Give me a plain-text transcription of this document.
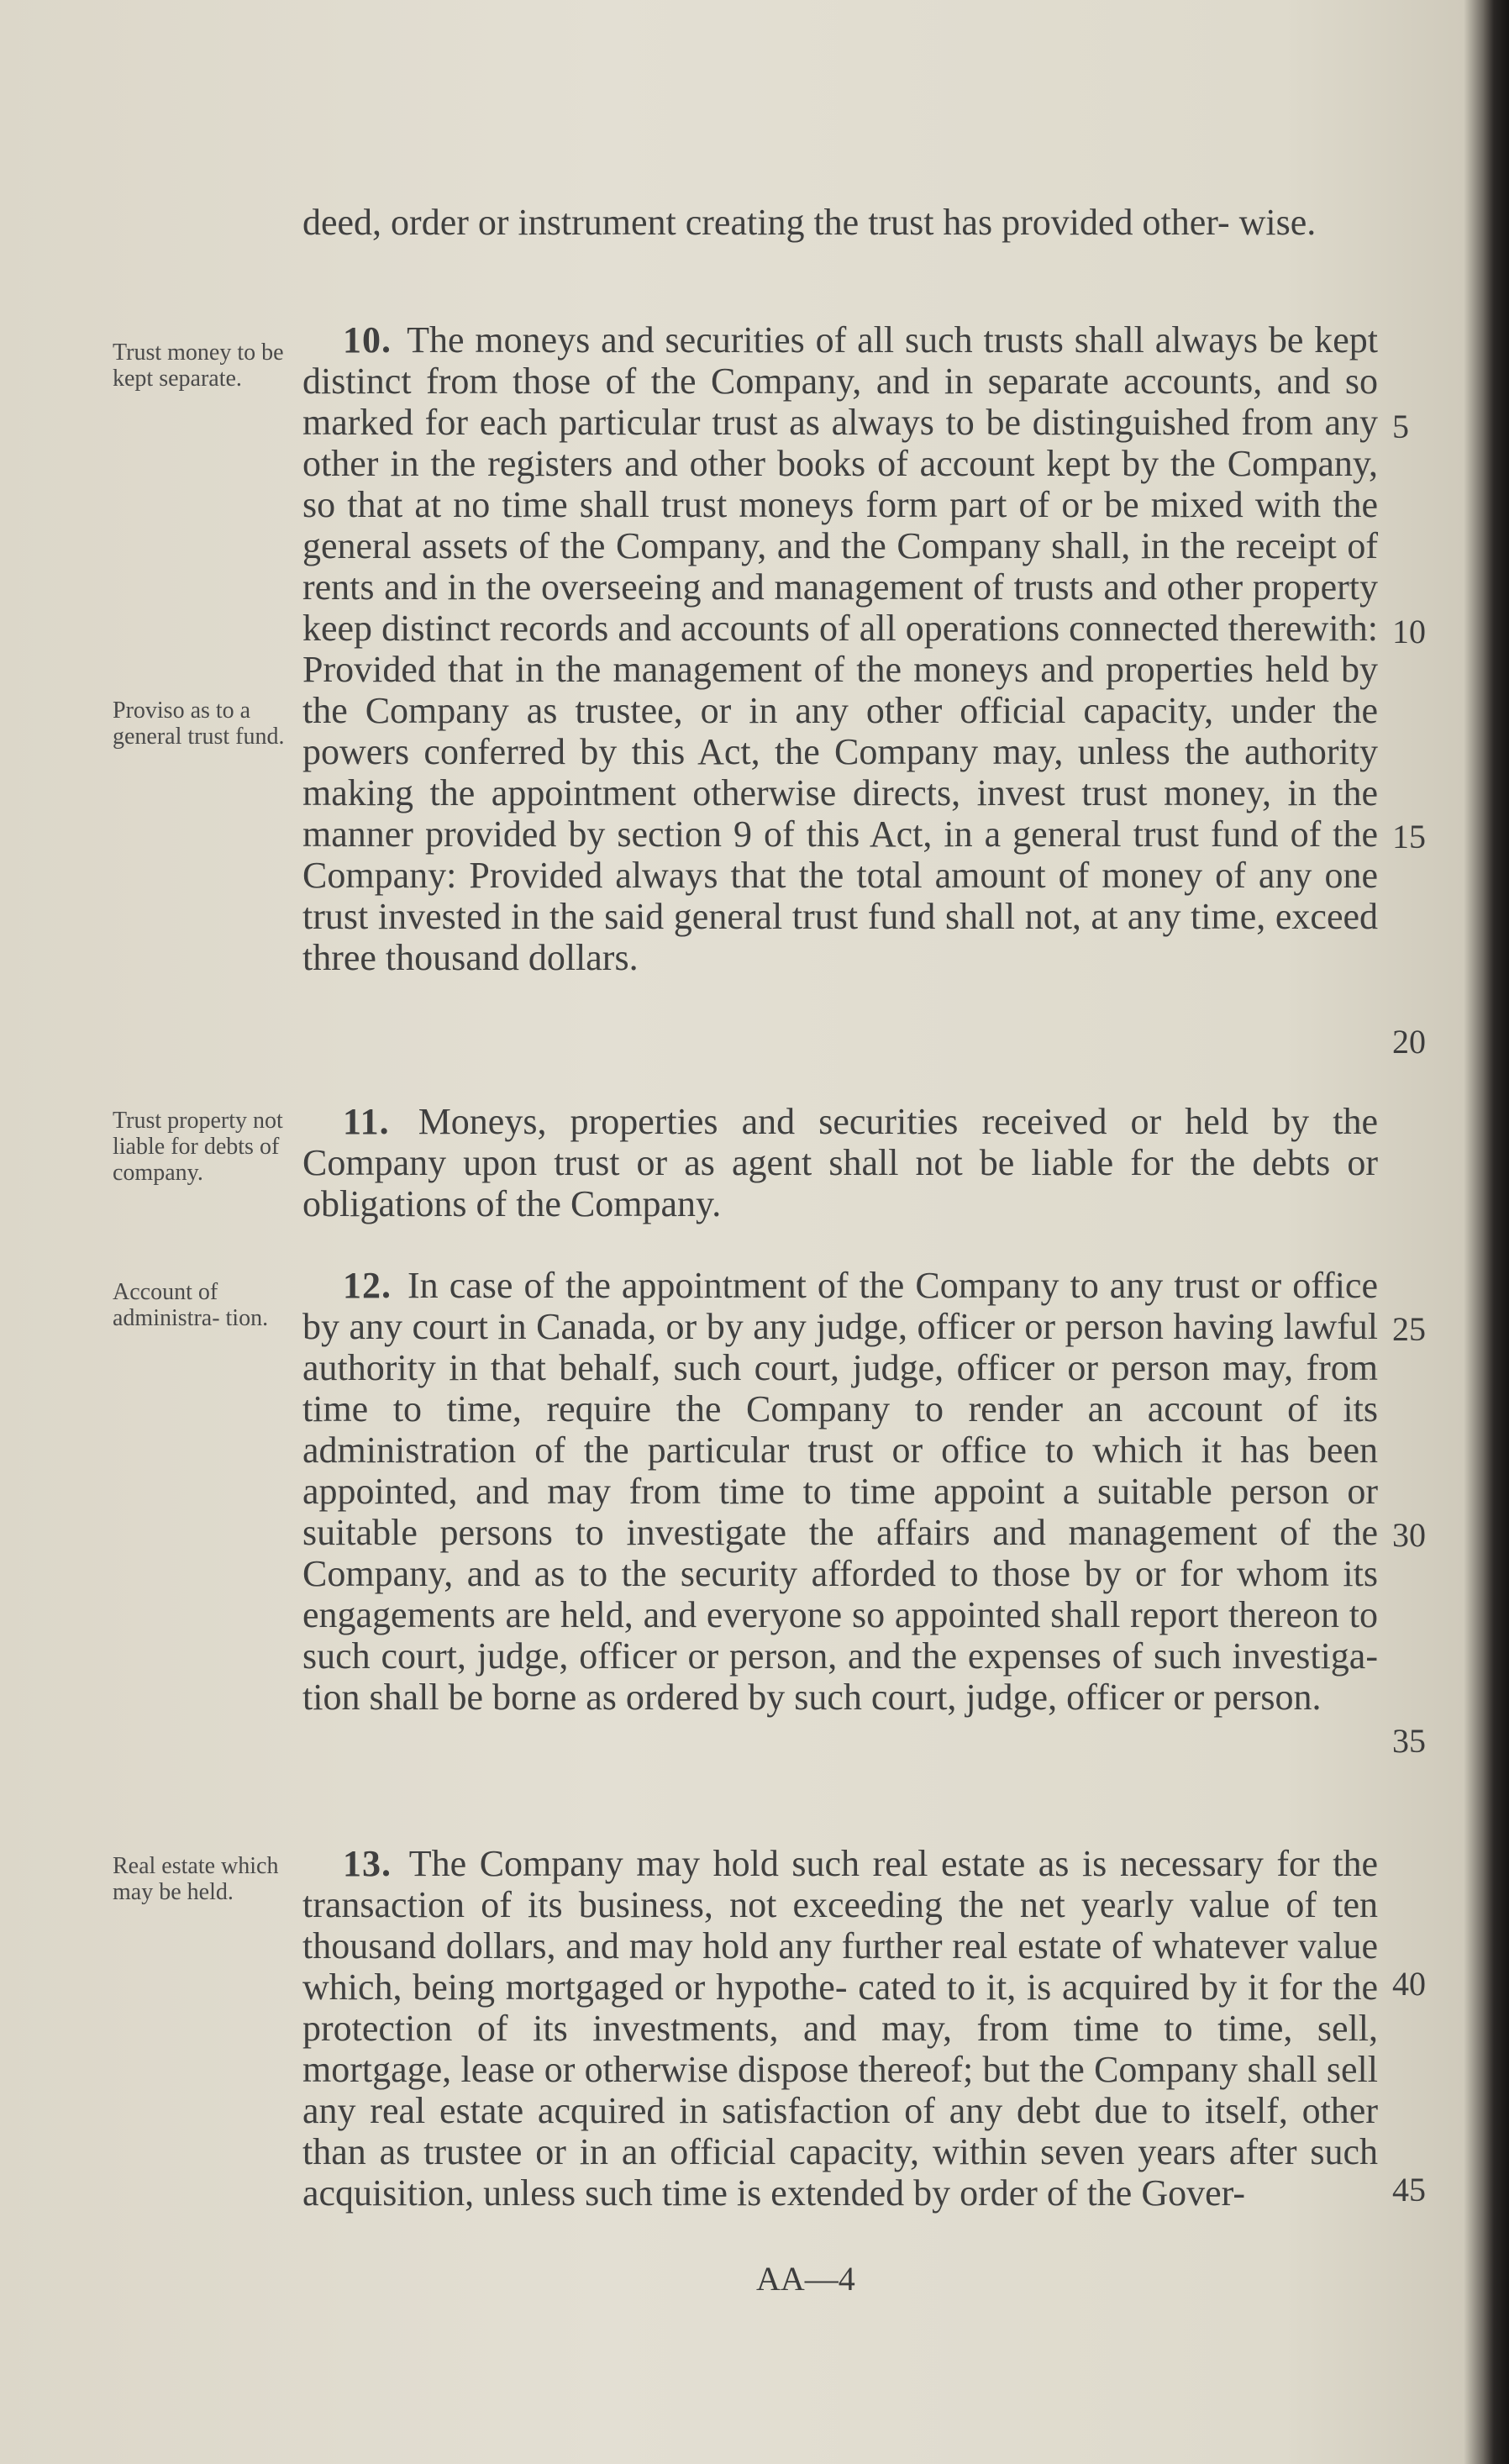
deed, order or instrument creating the trust has provided other- wise.

10. The moneys and securities of all such trusts shall always be kept distinct from those of the Company, and in separate accounts, and so marked for each particular trust as always to be distinguished from any other in the registers and other books of account kept by the Company, so that at no time shall trust moneys form part of or be mixed with the general assets of the Company, and the Company shall, in the receipt of rents and in the overseeing and management of trusts and other property keep distinct records and accounts of all operations connected therewith: Provided that in the management of the moneys and properties held by the Company as trustee, or in any other official capacity, under the powers conferred by this Act, the Company may, unless the authority making the appointment otherwise directs, invest trust money, in the manner provided by section 9 of this Act, in a general trust fund of the Company: Provided always that the total amount of money of any one trust invested in the said general trust fund shall not, at any time, exceed three thousand dollars.

11. Moneys, properties and securities received or held by the Company upon trust or as agent shall not be liable for the debts or obligations of the Company.

12. In case of the appointment of the Company to any trust or office by any court in Canada, or by any judge, officer or person having lawful authority in that behalf, such court, judge, officer or person may, from time to time, require the Company to render an account of its administration of the particular trust or office to which it has been appointed, and may from time to time appoint a suitable person or suitable persons to investigate the affairs and management of the Company, and as to the security afforded to those by or for whom its engagements are held, and everyone so appointed shall report thereon to such court, judge, officer or person, and the expenses of such investiga- tion shall be borne as ordered by such court, judge, officer or person.

13. The Company may hold such real estate as is necessary for the transaction of its business, not exceeding the net yearly value of ten thousand dollars, and may hold any further real estate of whatever value which, being mortgaged or hypothe- cated to it, is acquired by it for the protection of its investments, and may, from time to time, sell, mortgage, lease or otherwise dispose thereof; but the Company shall sell any real estate acquired in satisfaction of any debt due to itself, other than as trustee or in an official capacity, within seven years after such acquisition, unless such time is extended by order of the Gover-

Trust money to be kept separate.
Proviso as to a general trust fund.
Trust property not liable for debts of company.
Account of administra- tion.
Real estate which may be held.
5
10
15
20
25
30
35
40
45
AA—4
